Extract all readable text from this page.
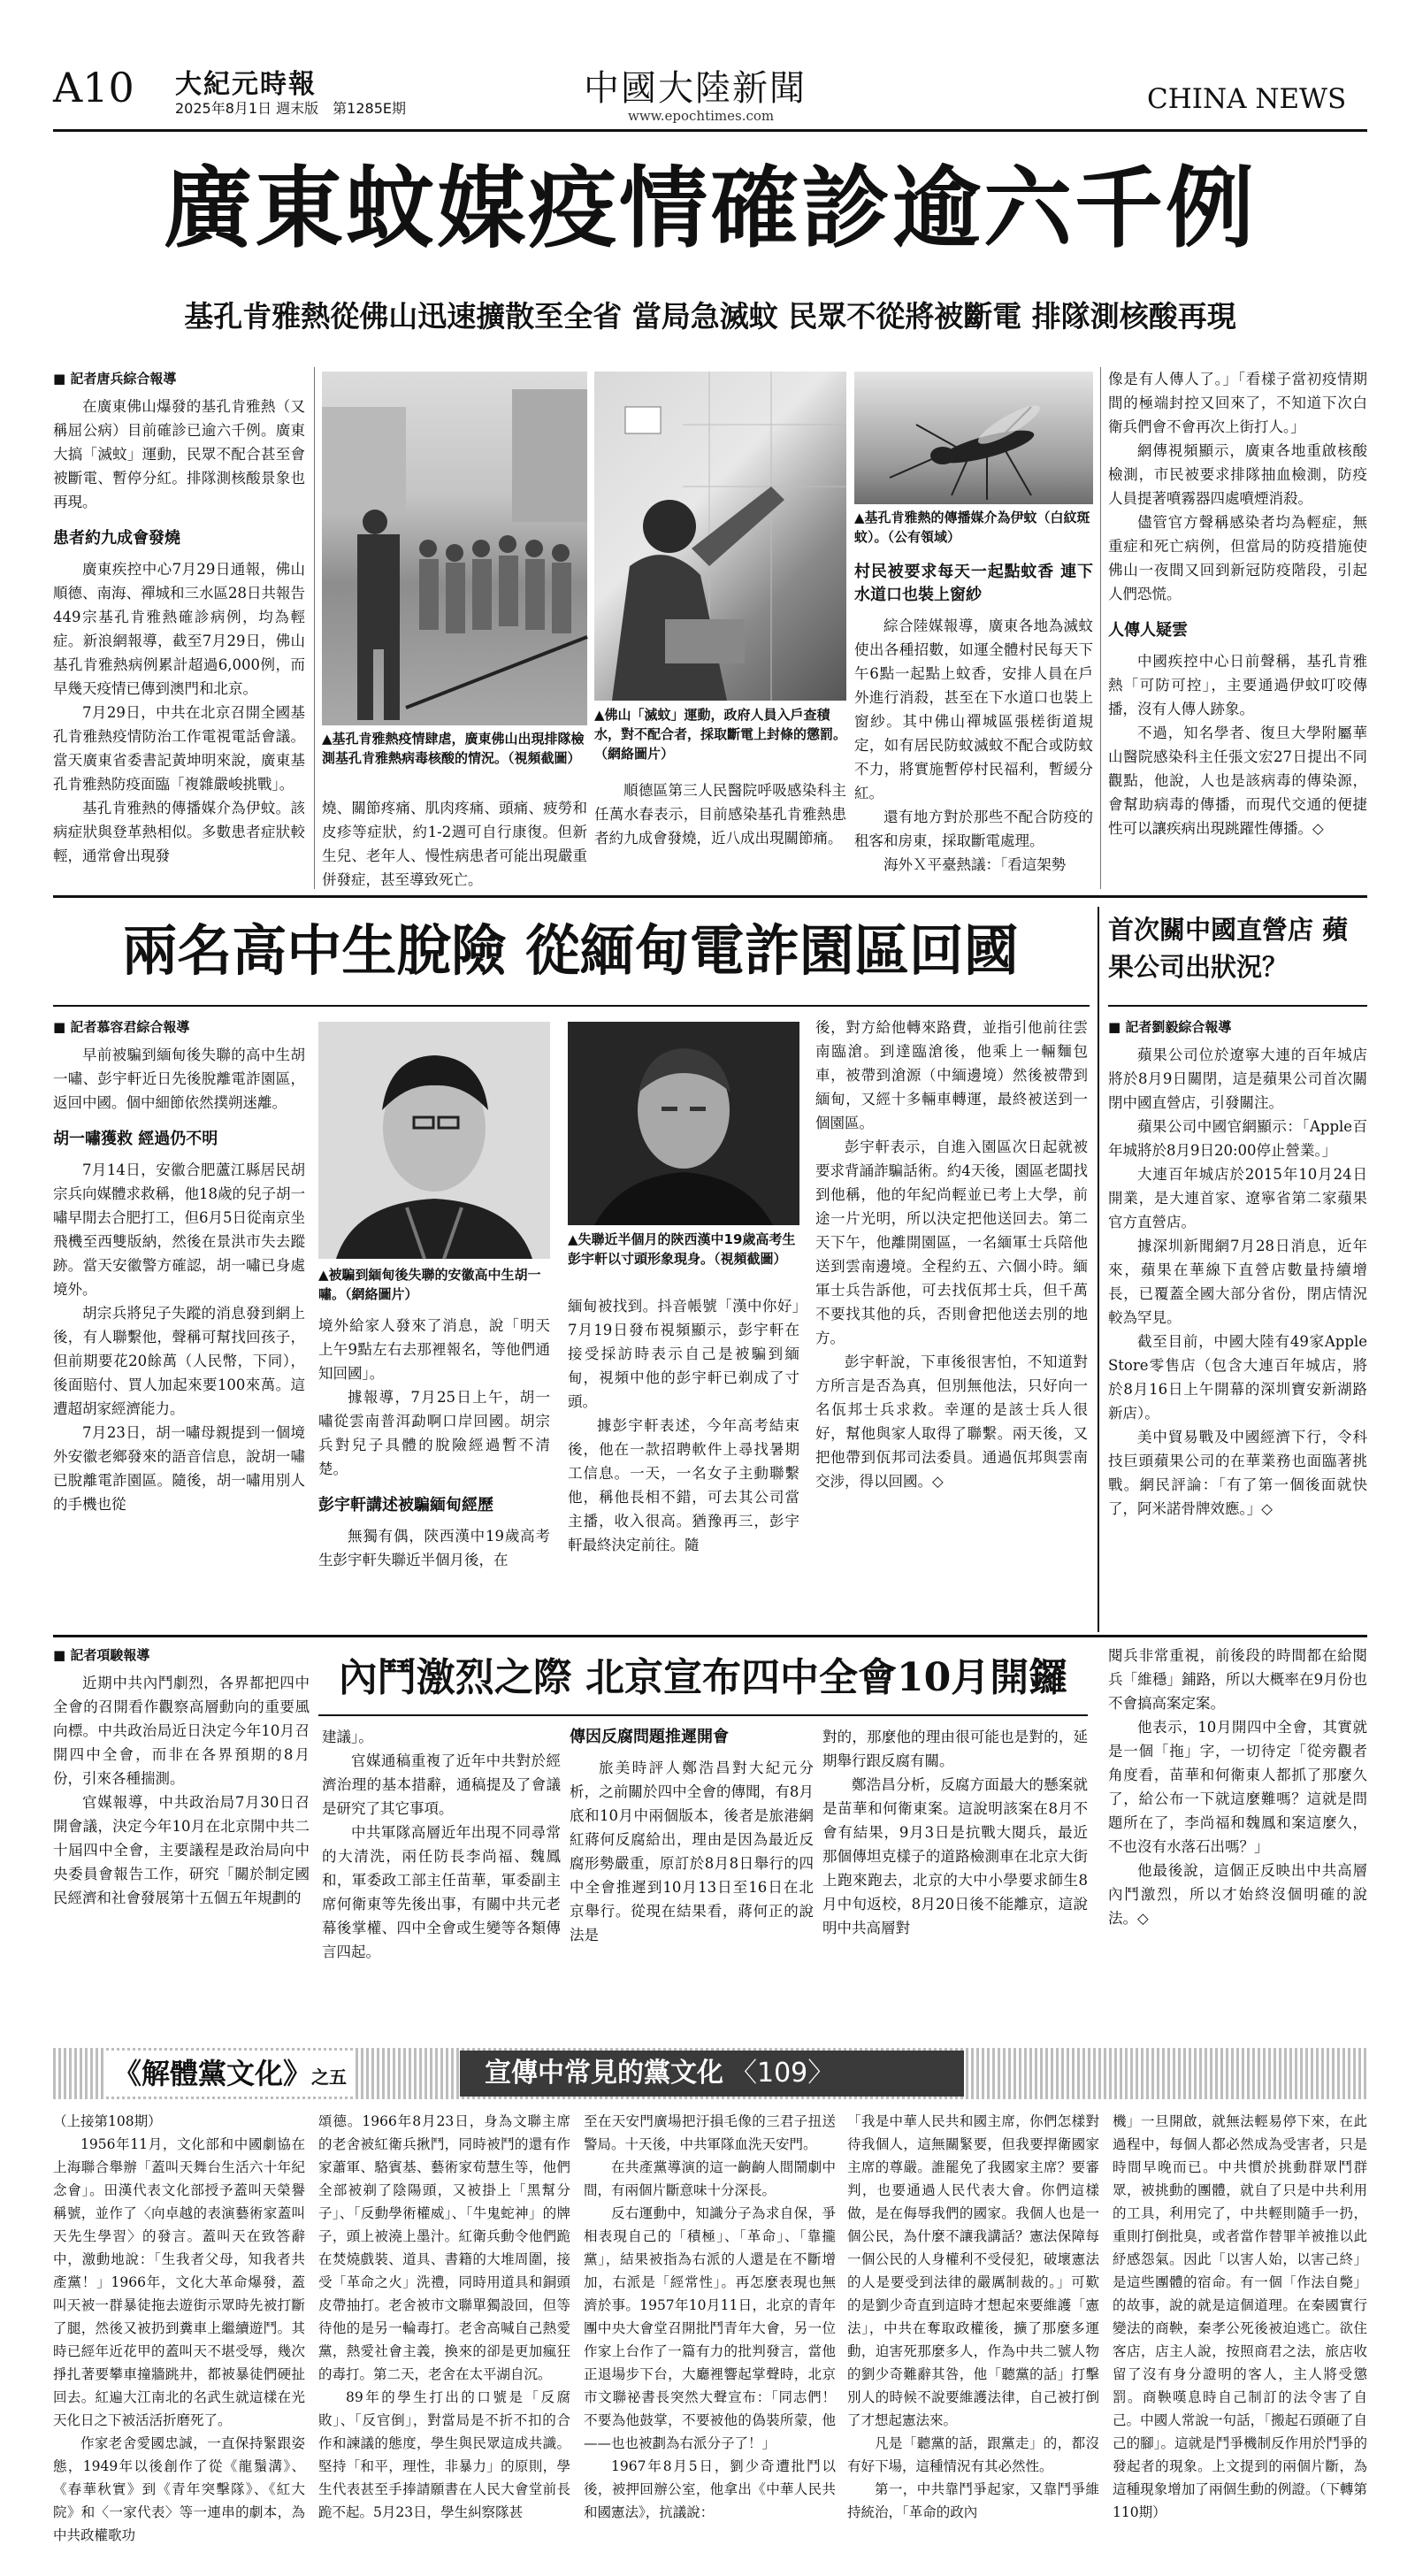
A10 大紀元時報
2025年8月1日 週末版　第1285E期	中國大陸新聞
www.epochtimes.com
CHINA NEWS
廣東蚊媒疫情確診逾六千例
基孔肯雅熱從佛山迅速擴散至全省 當局急滅蚊 民眾不從將被斷電 排隊測核酸再現
■ 記者唐兵綜合報導

在廣東佛山爆發的基孔肯雅熱（又稱屈公病）目前確診已逾六千例。廣東大搞「滅蚊」運動，民眾不配合甚至會被斷電、暫停分紅。排隊測核酸景象也再現。

患者約九成會發燒

廣東疾控中心7月29日通報，佛山順德、南海、禪城和三水區28日共報告449宗基孔肯雅熱確診病例，均為輕症。新浪網報導，截至7月29日，佛山基孔肯雅熱病例累計超過6,000例，而早幾天疫情已傳到澳門和北京。

7月29日，中共在北京召開全國基孔肯雅熱疫情防治工作電視電話會議。當天廣東省委書記黃坤明來說，廣東基孔肯雅熱防疫面臨「複雜嚴峻挑戰」。

基孔肯雅熱的傳播媒介為伊蚊。該病症狀與登革熱相似。多數患者症狀較輕，通常會出現發

▲基孔肯雅熱疫情肆虐，廣東佛山出現排隊檢測基孔肯雅熱病毒核酸的情況。（視頻截圖）

燒、關節疼痛、肌肉疼痛、頭痛、疲勞和皮疹等症狀，約1-2週可自行康復。但新生兒、老年人、慢性病患者可能出現嚴重併發症，甚至導致死亡。

▲佛山「滅蚊」運動，政府人員入戶查積水，對不配合者，採取斷電上封條的懲罰。（網絡圖片）

順德區第三人民醫院呼吸感染科主任萬水春表示，目前感染基孔肯雅熱患者約九成會發燒，近八成出現關節痛。

▲基孔肯雅熱的傳播媒介為伊蚊（白紋斑蚊）。（公有領域）
村民被要求每天一起點蚊香 連下水道口也裝上窗紗

綜合陸媒報導，廣東各地為滅蚊使出各種招數，如運全體村民每天下午6點一起點上蚊香，安排人員在戶外進行消殺，甚至在下水道口也裝上窗紗。其中佛山禪城區張槎街道規定，如有居民防蚊滅蚊不配合或防蚊不力，將實施暫停村民福利，暫緩分紅。

還有地方對於那些不配合防疫的租客和房東，採取斷電處理。

海外Ｘ平臺熱議：「看這架勢

像是有人傳人了。」「看樣子當初疫情期間的極端封控又回來了，不知道下次白衛兵們會不會再次上街打人。」

網傳視頻顯示，廣東各地重啟核酸檢測，市民被要求排隊抽血檢測，防疫人員提著噴霧器四處噴煙消殺。

儘管官方聲稱感染者均為輕症，無重症和死亡病例，但當局的防疫措施使佛山一夜間又回到新冠防疫階段，引起人們恐慌。

人傳人疑雲

中國疾控中心日前聲稱，基孔肯雅熱「可防可控」，主要通過伊蚊叮咬傳播，沒有人傳人跡象。

不過，知名學者、復旦大學附屬華山醫院感染科主任張文宏27日提出不同觀點，他說，人也是該病毒的傳染源，會幫助病毒的傳播，而現代交通的便捷性可以讓疾病出現跳躍性傳播。◇

兩名高中生脫險 從緬甸電詐園區回國
■ 記者慕容君綜合報導

早前被騙到緬甸後失聯的高中生胡一嘯、彭宇軒近日先後脫離電詐園區，返回中國。個中細節依然撲朔迷離。

胡一嘯獲救 經過仍不明

7月14日，安徽合肥蘆江縣居民胡宗兵向媒體求救稱，他18歲的兒子胡一嘯早閒去合肥打工，但6月5日從南京坐飛機至西雙版納，然後在景洪市失去蹤跡。當天安徽警方確認，胡一嘯已身處境外。

胡宗兵將兒子失蹤的消息發到網上後，有人聯繫他，聲稱可幫找回孩子，但前期要花20餘萬（人民幣，下同），後面賠付、買人加起來要100來萬。這遭超胡家經濟能力。

7月23日，胡一嘯母親提到一個境外安徽老鄉發來的語音信息，說胡一嘯已脫離電詐園區。隨後，胡一嘯用別人的手機也從

▲被騙到緬甸後失聯的安徽高中生胡一嘯。（網絡圖片）

境外給家人發來了消息，說「明天上午9點左右去那裡報名，等他們通知回國」。

據報導，7月25日上午，胡一嘯從雲南普洱勐啊口岸回國。胡宗兵對兒子具體的脫險經過暫不清楚。

彭宇軒講述被騙緬甸經歷

無獨有偶，陝西漢中19歲高考生彭宇軒失聯近半個月後，在

▲失聯近半個月的陝西漢中19歲高考生彭宇軒以寸頭形象現身。（視頻截圖）

緬甸被找到。抖音帳號「漢中你好」7月19日發布視頻顯示，彭宇軒在接受採訪時表示自己是被騙到緬甸，視頻中他的彭宇軒已剃成了寸頭。

據彭宇軒表述，今年高考結束後，他在一款招聘軟件上尋找暑期工信息。一天，一名女子主動聯繫他，稱他長相不錯，可去其公司當主播，收入很高。猶豫再三，彭宇軒最終決定前往。隨

後，對方給他轉來路費，並指引他前往雲南臨滄。到達臨滄後，他乘上一輛麵包車，被帶到滄源（中緬邊境）然後被帶到緬甸，又經十多輛車轉運，最終被送到一個園區。

彭宇軒表示，自進入園區次日起就被要求背誦詐騙話術。約4天後，園區老闆找到他稱，他的年紀尚輕並已考上大學，前途一片光明，所以決定把他送回去。第二天下午，他離開園區，一名緬軍士兵陪他送到雲南邊境。全程約五、六個小時。緬軍士兵告訴他，可去找佤邦士兵，但千萬不要找其他的兵，否則會把他送去別的地方。

彭宇軒說，下車後很害怕，不知道對方所言是否為真，但別無他法，只好向一名佤邦士兵求救。幸運的是該士兵人很好，幫他與家人取得了聯繫。兩天後，又把他帶到佤邦司法委員。通過佤邦與雲南交涉，得以回國。◇

首次關中國直營店 蘋果公司出狀況？
■ 記者劉毅綜合報導

蘋果公司位於遼寧大連的百年城店將於8月9日關閉，這是蘋果公司首次關閉中國直營店，引發關注。

蘋果公司中國官網顯示：「Apple百年城將於8月9日20:00停止營業。」

大連百年城店於2015年10月24日開業，是大連首家、遼寧省第二家蘋果官方直營店。

據深圳新聞網7月28日消息，近年來，蘋果在華線下直營店數量持續增長，已覆蓋全國大部分省份，閉店情況較為罕見。

截至目前，中國大陸有49家Apple Store零售店（包含大連百年城店，將於8月16日上午開幕的深圳寶安新湖路新店）。

美中貿易戰及中國經濟下行，令科技巨頭蘋果公司的在華業務也面臨著挑戰。網民評論：「有了第一個後面就快了，阿米諾骨牌效應。」◇

內鬥激烈之際 北京宣布四中全會10月開鑼
■ 記者項駿報導

近期中共內鬥劇烈，各界都把四中全會的召開看作觀察高層動向的重要風向標。中共政治局近日決定今年10月召開四中全會，而非在各界預期的8月份，引來各種揣測。

官媒報導，中共政治局7月30日召開會議，決定今年10月在北京開中共二十屆四中全會，主要議程是政治局向中央委員會報告工作，研究「關於制定國民經濟和社會發展第十五個五年規劃的

建議」。

官媒通稿重複了近年中共對於經濟治理的基本措辭，通稿提及了會議是研究了其它事項。

中共軍隊高層近年出現不同尋常的大清洗，兩任防長李尚福、魏鳳和，軍委政工部主任苗華，軍委副主席何衛東等先後出事，有關中共元老幕後掌權、四中全會或生變等各類傳言四起。

傳因反腐問題推遲開會

旅美時評人鄭浩昌對大紀元分析，之前關於四中全會的傳聞，有8月底和10月中兩個版本，後者是旅港網紅蔣何反腐給出，理由是因為最近反腐形勢嚴重，原訂於8月8日舉行的四中全會推遲到10月13日至16日在北京舉行。從現在結果看，蔣何正的說法是

對的，那麼他的理由很可能也是對的，延期舉行跟反腐有關。

鄭浩昌分析，反腐方面最大的懸案就是苗華和何衛東案。這說明該案在8月不會有結果，9月3日是抗戰大閱兵，最近那個傳坦克樣子的道路檢測車在北京大街上跑來跑去，北京的大中小學要求師生8月中旬返校，8月20日後不能離京，這說明中共高層對

閱兵非常重視，前後段的時間都在給閱兵「維穩」鋪路，所以大概率在9月份也不會搞高案定案。

他表示，10月開四中全會，其實就是一個「拖」字，一切待定「從旁觀者角度看，苗華和何衛東人都抓了那麼久了，給公布一下就這麼難嗎？這就是問題所在了，李尚福和魏鳳和案這麼久，不也沒有水落石出嗎？」

他最後說，這個正反映出中共高層內鬥激烈，所以才始終沒個明確的說法。◇

《解體黨文化》之五	宣傳中常見的黨文化 〈109〉

（上接第108期）

1956年11月，文化部和中國劇協在上海聯合舉辦「蓋叫天舞台生活六十年紀念會」。田漢代表文化部授予蓋叫天榮譽稱號，並作了〈向卓越的表演藝術家蓋叫天先生學習〉的發言。蓋叫天在致答辭中，激動地說：「生我者父母，知我者共產黨！」1966年，文化大革命爆發，蓋叫天被一群暴徒拖去遊街示眾時先被打斷了腿，然後又被扔到糞車上繼續遊鬥。其時已經年近花甲的蓋叫天不堪受辱，幾次掙扎著要攀車撞牆跳井，都被暴徒們硬扯回去。紅遍大江南北的名武生就這樣在光天化日之下被活活折磨死了。

作家老舍愛國忠誠，一直保持緊跟姿態，1949年以後創作了從《龍鬚溝》、《春華秋實》到《青年突擊隊》、《紅大院》和〈一家代表〉等一連串的劇本，為中共政權歌功

頌德。1966年8月23日，身為文聯主席的老舍被紅衛兵揪鬥，同時被鬥的還有作家蕭軍、駱賓基、藝術家荀慧生等，他們全部被剃了陰陽頭，又被掛上「黑幫分子」、「反動學術權威」、「牛鬼蛇神」的牌子，頭上被澆上墨汁。紅衛兵動令他們跪在焚燒戲裝、道具、書籍的大堆周圍，接受「革命之火」洗禮，同時用道具和銅頭皮帶抽打。老舍被市文聯單獨設回，但等待他的是另一輪毒打。老舍高喊自己熱愛黨，熱愛社會主義，換來的卻是更加瘋狂的毒打。第二天，老舍在太平湖自沉。

89年的學生打出的口號是「反腐敗」、「反官倒」，對當局是不折不扣的合作和諫議的態度，學生與民眾這成共識。堅持「和平，理性，非暴力」的原則，學生代表甚至手捧請願書在人民大會堂前長跪不起。5月23日，學生糾察隊甚

至在天安門廣場把汙損毛像的三君子扭送警局。十天後，中共軍隊血洗天安門。

在共產黨導演的這一齣齣人間鬧劇中間，有兩個片斷意味十分深長。

反右運動中，知識分子為求自保，爭相表現自己的「積極」、「革命」、「靠攏黨」，結果被指為右派的人還是在不斷增加，右派是「經常性」。再怎麼表現也無濟於事。1957年10月11日，北京的青年團中央大會堂召開批鬥青年大會，另一位作家上台作了一篇有力的批判發言，當他正退場步下台，大廳裡響起掌聲時，北京市文聯祕書長突然大聲宣布：「同志們！不要為他鼓掌，不要被他的偽裝所蒙，他——也也被劃為右派分子了！」

1967年8月5日，劉少奇遭批鬥以後，被押回辦公室，他拿出《中華人民共和國憲法》，抗議說：

「我是中華人民共和國主席，你們怎樣對待我個人，這無關緊要，但我要捍衛國家主席的尊嚴。誰罷免了我國家主席？要審判，也要通過人民代表大會。你們這樣做，是在侮辱我們的國家。我個人也是一個公民，為什麼不讓我講話？憲法保障每一個公民的人身權利不受侵犯，破壞憲法的人是要受到法律的嚴厲制裁的。」可歎的是劉少奇直到這時才想起來要維護「憲法」，中共在奪取政權後，擴了那麼多運動，迫害死那麼多人，作為中共二號人物的劉少奇難辭其咎，他「聽黨的話」打擊別人的時候不說要維護法律，自己被打倒了才想起憲法來。

凡是「聽黨的話，跟黨走」的，都沒有好下場，這種情況有其必然性。

第一，中共靠鬥爭起家，又靠鬥爭維持統治，「革命的政內

機」一旦開啟，就無法輕易停下來，在此過程中，每個人都必然成為受害者，只是時間早晚而已。中共慣於挑動群眾鬥群眾，被挑動的團體，就自了只是中共利用的工具，利用完了，中共輕則隨手一扔，重則打倒批臭，或者當作替罪羊被推以此紓感怨氣。因此「以害人始，以害己終」是這些團體的宿命。有一個「作法自斃」的故事，說的就是這個道理。在秦國實行變法的商鞅，秦孝公死後被迫逃亡。欲住客店，店主人說，按照商君之法，旅店收留了沒有身分證明的客人，主人將受懲罰。商鞅嘆息時自己制訂的法令害了自己。中國人常說一句話，「搬起石頭砸了自己的腳」。這就是鬥爭機制反作用於鬥爭的發起者的現象。上文提到的兩個片斷，為這種現象增加了兩個生動的例證。（下轉第110期）
